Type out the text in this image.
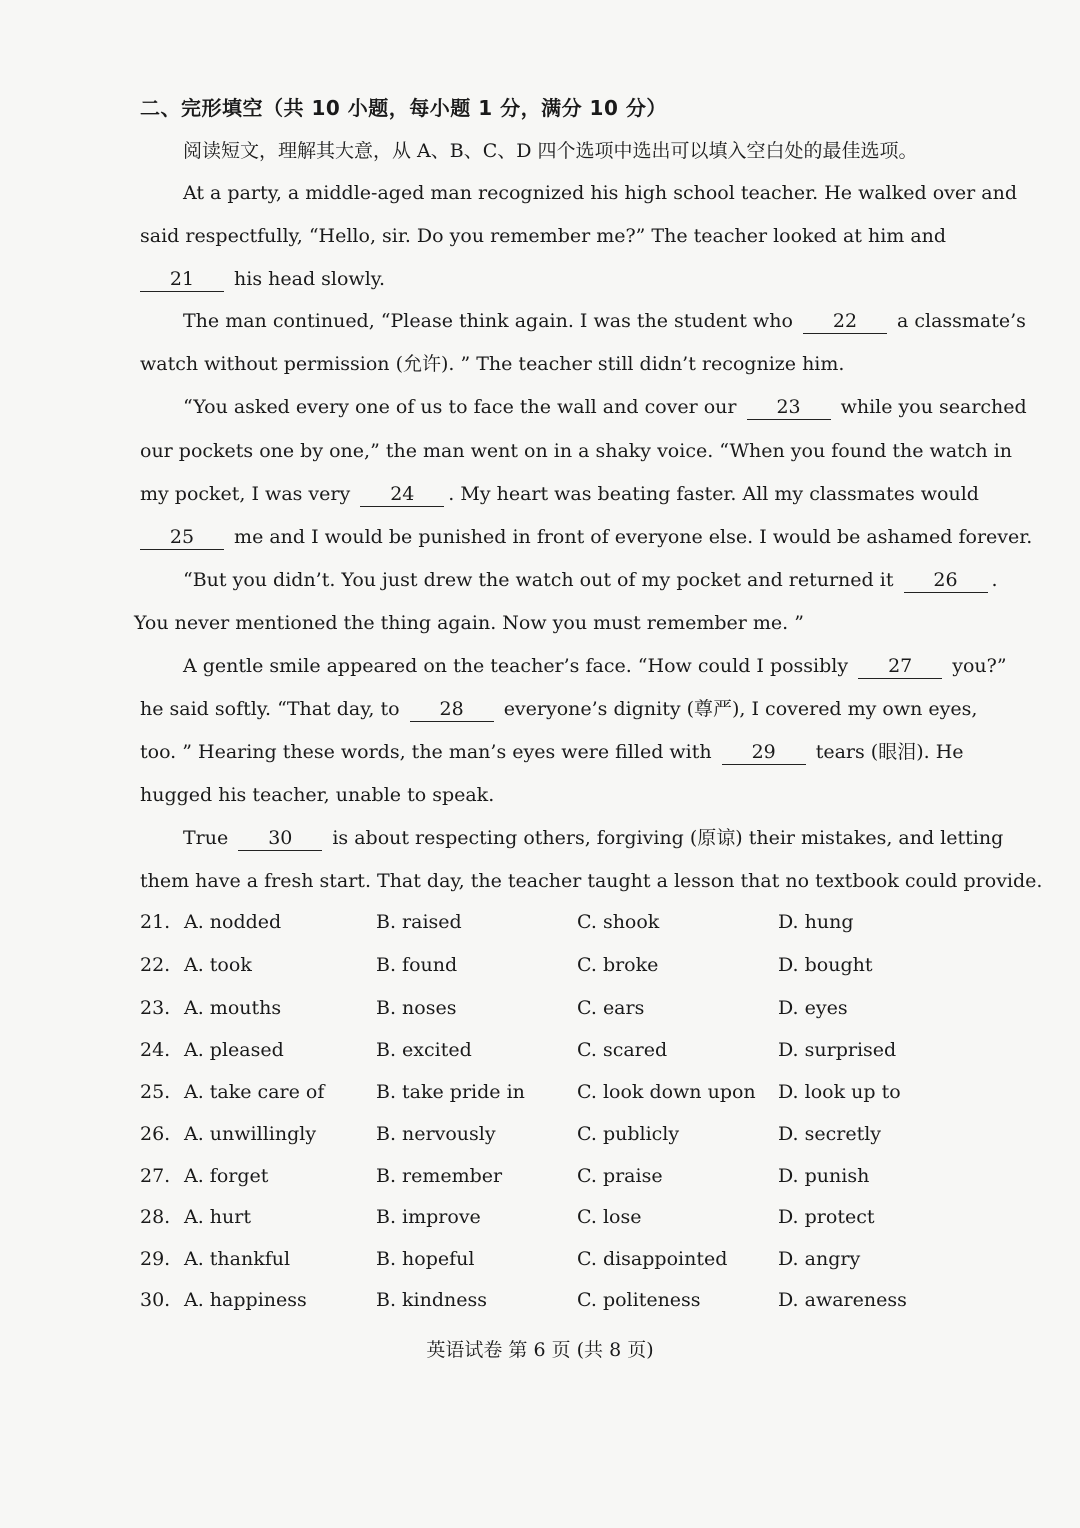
二、完形填空（共 10 小题，每小题 1 分，满分 10 分）
阅读短文，理解其大意，从 A、B、C、D 四个选项中选出可以填入空白处的最佳选项。
At a party, a middle-aged man recognized his high school teacher. He walked over and
said respectfully, “Hello, sir. Do you remember me?” The teacher looked at him and
21 his head slowly.
The man continued, “Please think again. I was the student who 22 a classmate’s
watch without permission (允许). ” The teacher still didn’t recognize him.
“You asked every one of us to face the wall and cover our 23 while you searched
our pockets one by one,” the man went on in a shaky voice. “When you found the watch in
my pocket, I was very 24 . My heart was beating faster. All my classmates would
25 me and I would be punished in front of everyone else. I would be ashamed forever.
“But you didn’t. You just drew the watch out of my pocket and returned it 26 .
You never mentioned the thing again. Now you must remember me. ”
A gentle smile appeared on the teacher’s face. “How could I possibly 27 you?”
he said softly. “That day, to 28 everyone’s dignity (尊严), I covered my own eyes,
too. ” Hearing these words, the man’s eyes were filled with 29 tears (眼泪). He
hugged his teacher, unable to speak.
True 30 is about respecting others, forgiving (原谅) their mistakes, and letting
them have a fresh start. That day, the teacher taught a lesson that no textbook could provide.
21. A. nodded	B. raised	C. shook	D. hung
22. A. took	B. found	C. broke	D. bought
23. A. mouths	B. noses	C. ears	D. eyes
24. A. pleased	B. excited	C. scared	D. surprised
25. A. take care of	B. take pride in	C. look down upon D. look up to
26. A. unwillingly	B. nervously	C. publicly	D. secretly
27. A. forget	B. remember	C. praise	D. punish
28. A. hurt	B. improve	C. lose	D. protect
29. A. thankful	B. hopeful	C. disappointed	D. angry
30. A. happiness	B. kindness	C. politeness	D. awareness
英语试卷 第 6 页 (共 8 页)
